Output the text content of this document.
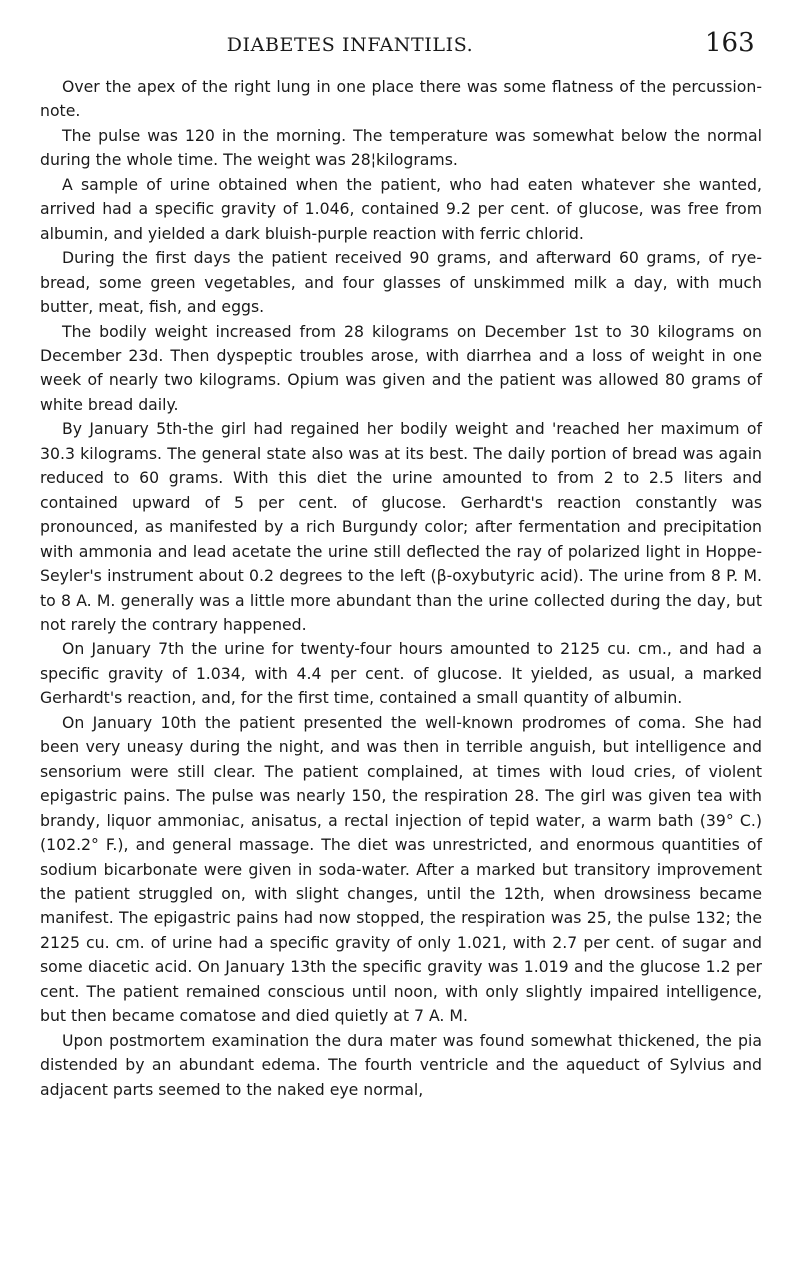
DIABETES INFANTILIS.	163

Over the apex of the right lung in one place there was some flatness of the percussion-note.

The pulse was 120 in the morning. The temperature was somewhat below the normal during the whole time. The weight was 28¦kilograms.

A sample of urine obtained when the patient, who had eaten whatever she wanted, arrived had a specific gravity of 1.046, contained 9.2 per cent. of glucose, was free from albumin, and yielded a dark bluish-purple reaction with ferric chlorid.

During the first days the patient received 90 grams, and afterward 60 grams, of rye-bread, some green vegetables, and four glasses of unskimmed milk a day, with much butter, meat, fish, and eggs.

The bodily weight increased from 28 kilograms on December 1st to 30 kilograms on December 23d. Then dyspeptic troubles arose, with diarrhea and a loss of weight in one week of nearly two kilograms. Opium was given and the patient was allowed 80 grams of white bread daily.

By January 5th-the girl had regained her bodily weight and 'reached her maximum of 30.3 kilograms. The general state also was at its best. The daily portion of bread was again reduced to 60 grams. With this diet the urine amounted to from 2 to 2.5 liters and contained upward of 5 per cent. of glucose. Gerhardt's reaction constantly was pronounced, as manifested by a rich Burgundy color; after fermentation and precipitation with ammonia and lead acetate the urine still deflected the ray of polarized light in Hoppe-Seyler's instrument about 0.2 degrees to the left (β-oxybutyric acid). The urine from 8 P. M. to 8 A. M. generally was a little more abundant than the urine collected during the day, but not rarely the contrary happened.

On January 7th the urine for twenty-four hours amounted to 2125 cu. cm., and had a specific gravity of 1.034, with 4.4 per cent. of glucose. It yielded, as usual, a marked Gerhardt's reaction, and, for the first time, contained a small quantity of albumin.

On January 10th the patient presented the well-known prodromes of coma. She had been very uneasy during the night, and was then in terrible anguish, but intelligence and sensorium were still clear. The patient complained, at times with loud cries, of violent epigastric pains. The pulse was nearly 150, the respiration 28. The girl was given tea with brandy, liquor ammoniac, anisatus, a rectal injection of tepid water, a warm bath (39° C.) (102.2° F.), and general massage. The diet was unrestricted, and enormous quantities of sodium bicarbonate were given in soda-water. After a marked but transitory improvement the patient struggled on, with slight changes, until the 12th, when drowsiness became manifest. The epigastric pains had now stopped, the respiration was 25, the pulse 132; the 2125 cu. cm. of urine had a specific gravity of only 1.021, with 2.7 per cent. of sugar and some diacetic acid. On January 13th the specific gravity was 1.019 and the glucose 1.2 per cent. The patient remained conscious until noon, with only slightly impaired intelligence, but then became comatose and died quietly at 7 A. M.

Upon postmortem examination the dura mater was found somewhat thickened, the pia distended by an abundant edema. The fourth ventricle and the aqueduct of Sylvius and adjacent parts seemed to the naked eye normal,
